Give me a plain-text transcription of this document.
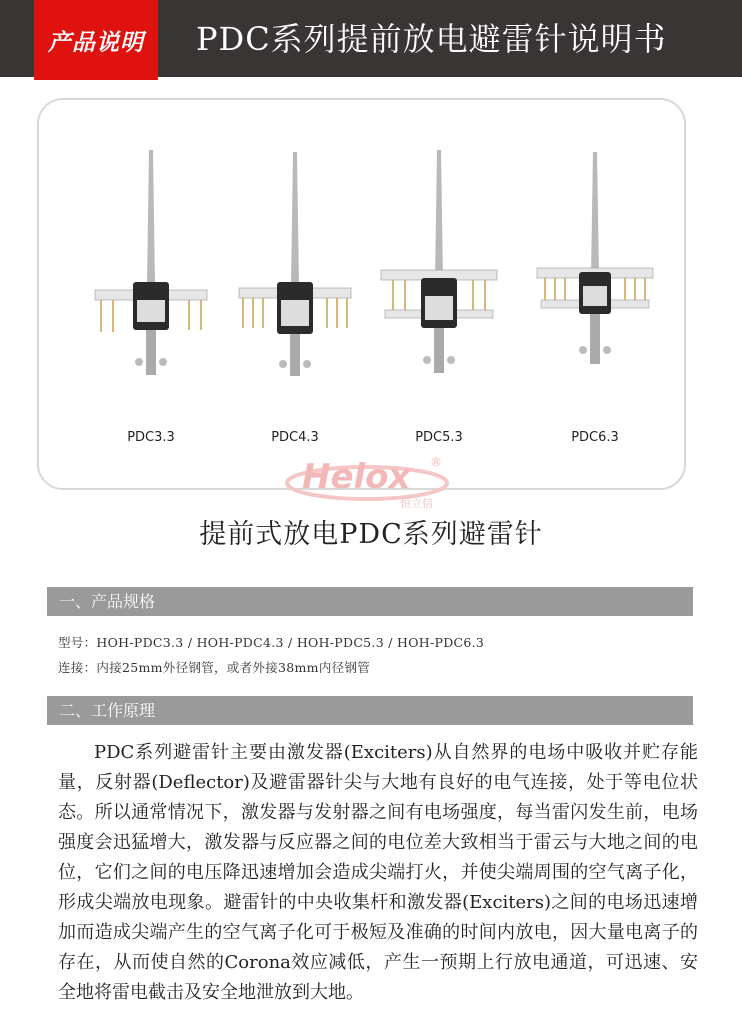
产品说明	PDC系列提前放电避雷针说明书
PDC3.3	PDC4.3	PDC5.3	PDC6.3
Helox ®
恒立信
提前式放电PDC系列避雷针
一、产品规格
型号：HOH-PDC3.3 / HOH-PDC4.3 / HOH-PDC5.3 / HOH-PDC6.3
连接：内接25mm外径钢管，或者外接38mm内径钢管
二、工作原理

PDC系列避雷针主要由激发器(Exciters)从自然界的电场中吸收并贮存能量，反射器(Deflector)及避雷器针尖与大地有良好的电气连接，处于等电位状态。所以通常情况下，激发器与发射器之间有电场强度，每当雷闪发生前，电场强度会迅猛增大，激发器与反应器之间的电位差大致相当于雷云与大地之间的电位，它们之间的电压降迅速增加会造成尖端打火，并使尖端周围的空气离子化，形成尖端放电现象。避雷针的中央收集杆和激发器(Exciters)之间的电场迅速增加而造成尖端产生的空气离子化可于极短及准确的时间内放电，因大量电离子的存在，从而使自然的Corona效应减低，产生一预期上行放电通道，可迅速、安全地将雷电截击及安全地泄放到大地。
